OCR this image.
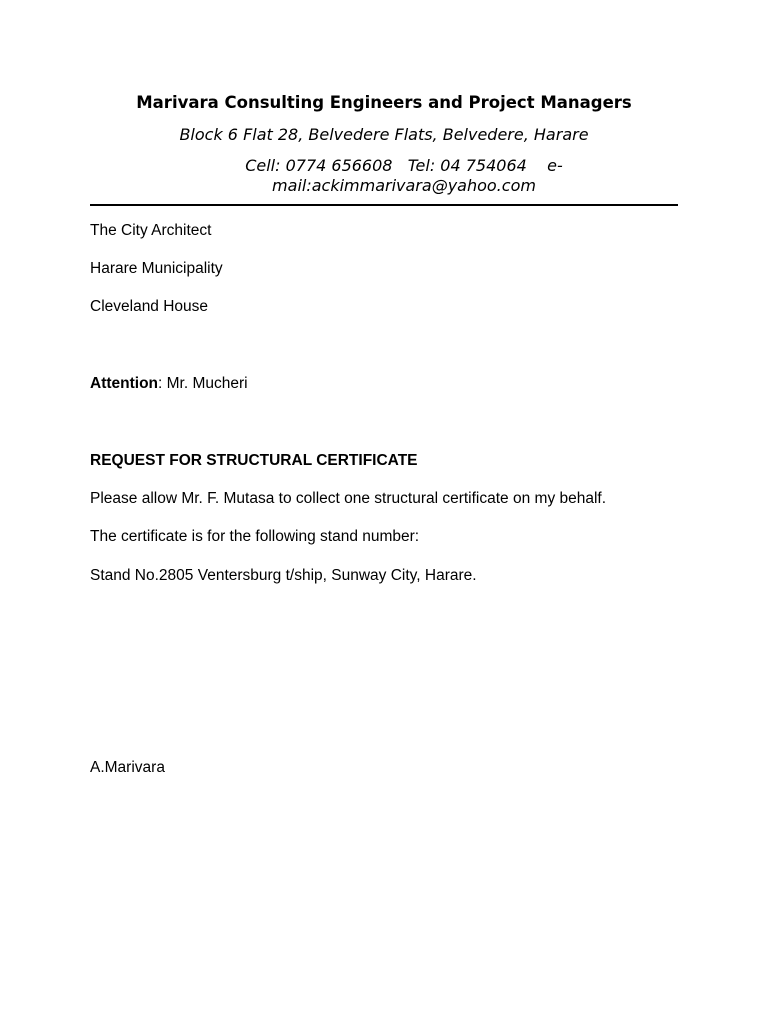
Marivara Consulting Engineers and Project Managers
Block 6 Flat 28, Belvedere Flats, Belvedere, Harare
Cell: 0774 656608   Tel: 04 754064    e-mail:ackimmarivara@yahoo.com
The City Architect
Harare Municipality
Cleveland House
Attention: Mr. Mucheri
REQUEST FOR STRUCTURAL CERTIFICATE
Please allow Mr. F. Mutasa to collect one structural certificate on my behalf.
The certificate is for the following stand number:
Stand No.2805 Ventersburg t/ship, Sunway City, Harare.
A.Marivara
